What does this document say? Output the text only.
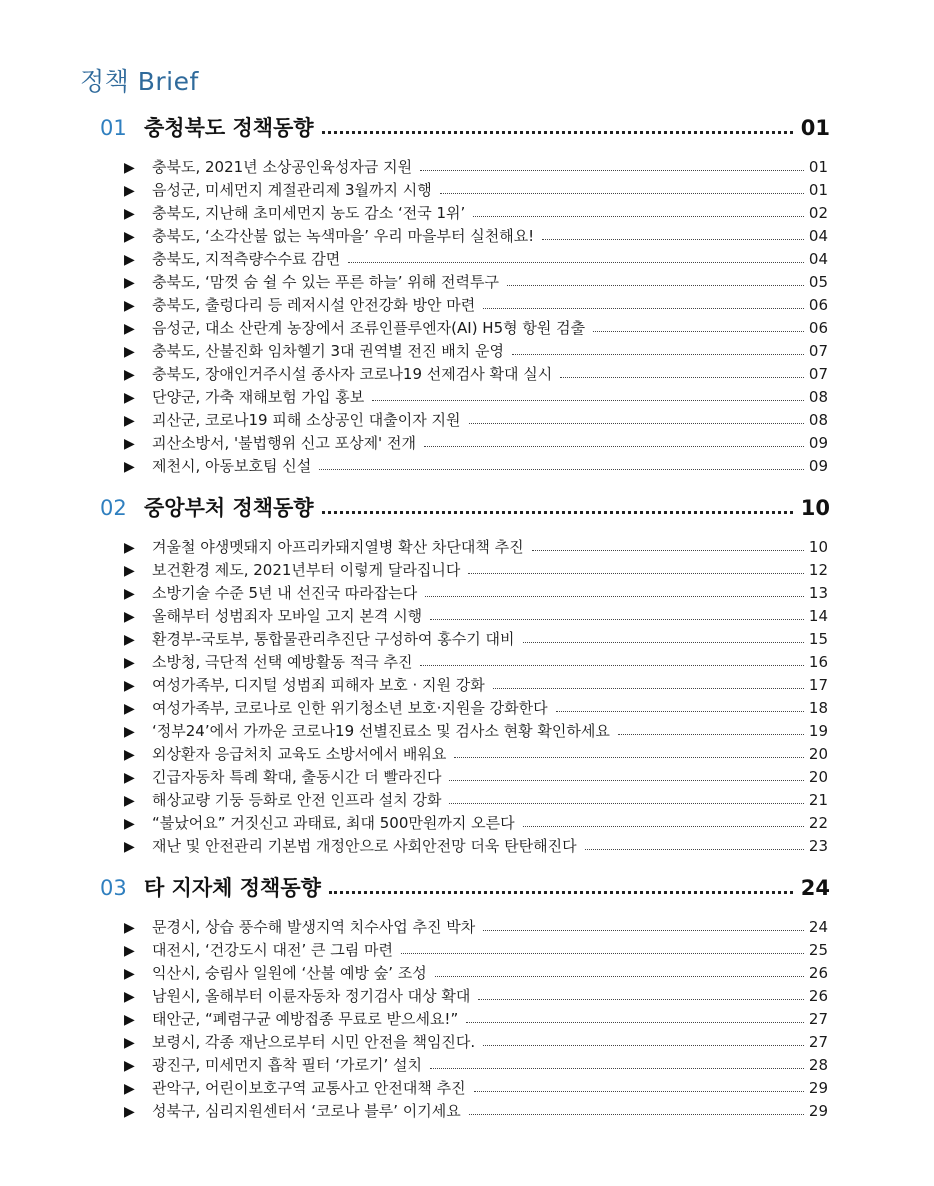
정책 Brief
01 충청북도 정책동향	01
▶	충북도, 2021년 소상공인육성자금 지원	01
▶	음성군, 미세먼지 계절관리제 3월까지 시행	01
▶	충북도, 지난해 초미세먼지 농도 감소 ‘전국 1위’	02
▶	충북도, ‘소각산불 없는 녹색마을’ 우리 마을부터 실천해요!	04
▶	충북도, 지적측량수수료 감면	04
▶	충북도, ‘맘껏 숨 쉴 수 있는 푸른 하늘’ 위해 전력투구	05
▶	충북도, 출렁다리 등 레저시설 안전강화 방안 마련	06
▶	음성군, 대소 산란계 농장에서 조류인플루엔자(AI) H5형 항원 검출	06
▶	충북도, 산불진화 임차헬기 3대 권역별 전진 배치 운영	07
▶	충북도, 장애인거주시설 종사자 코로나19 선제검사 확대 실시	07
▶	단양군, 가축 재해보험 가입 홍보	08
▶	괴산군, 코로나19 피해 소상공인 대출이자 지원	08
▶	괴산소방서, '불법행위 신고 포상제' 전개	09
▶	제천시, 아동보호팀 신설	09
02 중앙부처 정책동향	10
▶	겨울철 야생멧돼지 아프리카돼지열병 확산 차단대책 추진	10
▶	보건환경 제도, 2021년부터 이렇게 달라집니다	12
▶	소방기술 수준 5년 내 선진국 따라잡는다	13
▶	올해부터 성범죄자 모바일 고지 본격 시행	14
▶	환경부-국토부, 통합물관리추진단 구성하여 홍수기 대비	15
▶	소방청, 극단적 선택 예방활동 적극 추진	16
▶	여성가족부, 디지털 성범죄 피해자 보호 · 지원 강화	17
▶	여성가족부, 코로나로 인한 위기청소년 보호·지원을 강화한다	18
▶	‘정부24’에서 가까운 코로나19 선별진료소 및 검사소 현황 확인하세요	19
▶	외상환자 응급처치 교육도 소방서에서 배워요	20
▶	긴급자동차 특례 확대, 출동시간 더 빨라진다	20
▶	해상교량 기둥 등화로 안전 인프라 설치 강화	21
▶	“불났어요” 거짓신고 과태료, 최대 500만원까지 오른다	22
▶	재난 및 안전관리 기본법 개정안으로 사회안전망 더욱 탄탄해진다	23
03 타 지자체 정책동향	24
▶	문경시, 상습 풍수해 발생지역 치수사업 추진 박차	24
▶	대전시, ‘건강도시 대전’ 큰 그림 마련	25
▶	익산시, 숭림사 일원에 ‘산불 예방 숲’ 조성	26
▶	남원시, 올해부터 이륜자동차 정기검사 대상 확대	26
▶	태안군, “폐렴구균 예방접종 무료로 받으세요!”	27
▶	보령시, 각종 재난으로부터 시민 안전을 책임진다.	27
▶	광진구, 미세먼지 흡착 필터 ‘가로기’ 설치	28
▶	관악구, 어린이보호구역 교통사고 안전대책 추진	29
▶	성북구, 심리지원센터서 ‘코로나 블루’ 이기세요	29
